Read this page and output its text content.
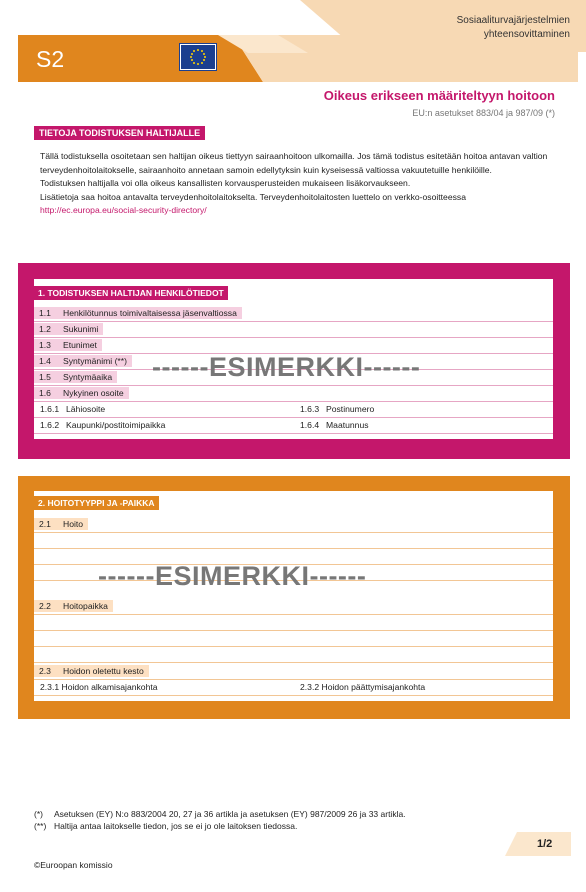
S2
Sosiaaliturvajärjestelmien
yhteensovittaminen
Oikeus erikseen määriteltyyn hoitoon
EU:n asetukset 883/04 ja 987/09 (*)
TIETOJA TODISTUKSEN HALTIJALLE

Tällä todistuksella osoitetaan sen haltijan oikeus tiettyyn sairaanhoitoon ulkomailla. Jos tämä todistus esitetään hoitoa antavan valtion terveydenhoitolaitokselle, sairaanhoito annetaan samoin edellytyksin kuin kyseisessä valtiossa vakuutetuille henkilöille.

Todistuksen haltijalla voi olla oikeus kansallisten korvausperusteiden mukaiseen lisäkorvaukseen.

Lisätietoja saa hoitoa antavalta terveydenhoitolaitokselta. Terveydenhoitolaitosten luettelo on verkko-osoitteessa

http://ec.europa.eu/social-security-directory/

1. TODISTUKSEN HALTIJAN HENKILÖTIEDOT
1.1 Henkilötunnus toimivaltaisessa jäsenvaltiossa
1.2 Sukunimi
1.3 Etunimet
1.4 Syntymänimi (**)
1.5 Syntymäaika
1.6 Nykyinen osoite
1.6.1 Lähiosoite	1.6.3 Postinumero
1.6.2 Kaupunki/postitoimipaikka	1.6.4 Maatunnus
------ESIMERKKI------
2. HOITOTYYPPI JA -PAIKKA
2.1 Hoito
2.2 Hoitopaikka
2.3 Hoidon oletettu kesto
2.3.1 Hoidon alkamisajankohta	2.3.2 Hoidon päättymisajankohta
------ESIMERKKI------
(*) Asetuksen (EY) N:o 883/2004 20, 27 ja 36 artikla ja asetuksen (EY) 987/2009 26 ja 33 artikla.
(**) Haltija antaa laitokselle tiedon, jos se ei jo ole laitoksen tiedossa.
1/2
©Euroopan komissio
